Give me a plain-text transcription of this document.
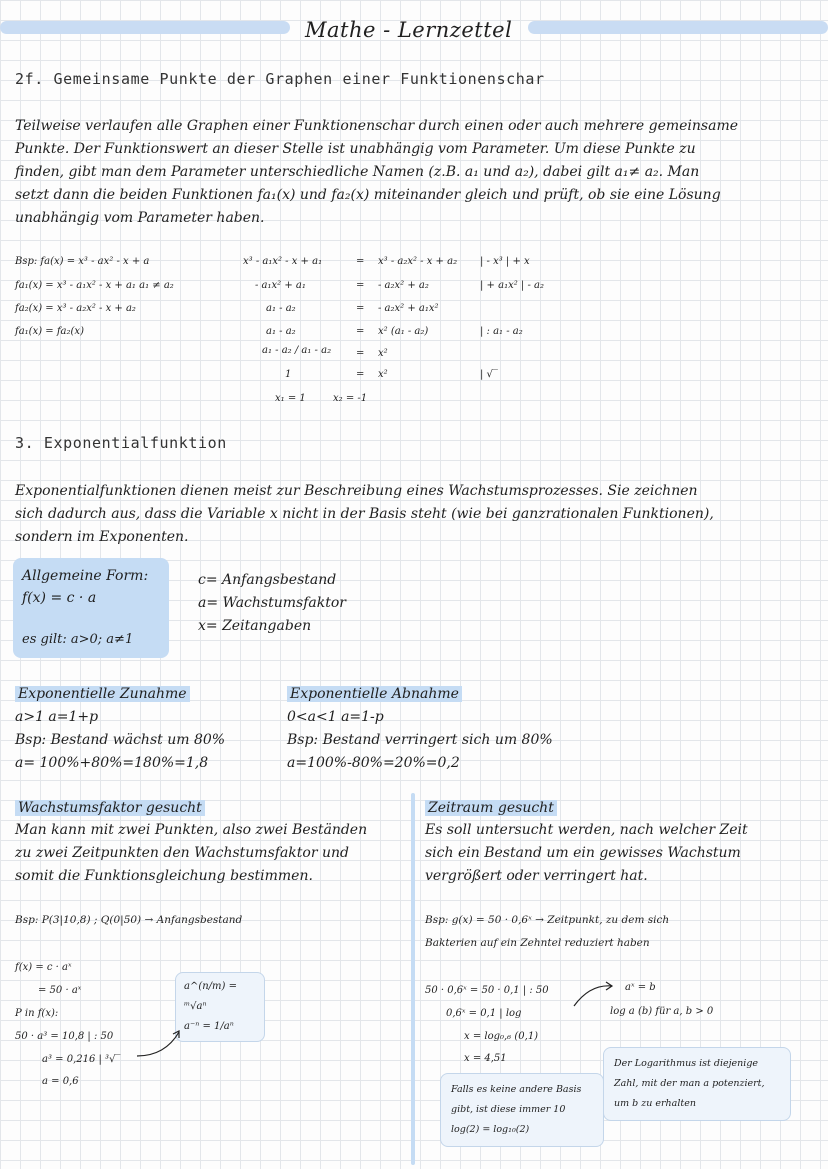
Mathe - Lernzettel
2f. Gemeinsame Punkte der Graphen einer Funktionenschar
Teilweise verlaufen alle Graphen einer Funktionenschar durch einen oder auch mehrere gemeinsame
Punkte. Der Funktionswert an dieser Stelle ist unabhängig vom Parameter. Um diese Punkte zu
finden, gibt man dem Parameter unterschiedliche Namen (z.B. a₁ und a₂), dabei gilt a₁≠ a₂. Man
setzt dann die beiden Funktionen fa₁(x) und fa₂(x) miteinander gleich und prüft, ob sie eine Lösung
unabhängig vom Parameter haben.
Bsp: fa(x) = x³ - ax² - x + a
fa₁(x) = x³ - a₁x² - x + a₁ a₁ ≠ a₂
fa₂(x) = x³ - a₂x² - x + a₂
fa₁(x) = fa₂(x)
x³ - a₁x² - x + a₁
- a₁x² + a₁
a₁ - a₂
a₁ - a₂
a₁ - a₂ / a₁ - a₂
1
=
=
=
=
=
=
x³ - a₂x² - x + a₂
- a₂x² + a₂
- a₂x² + a₁x²
x² (a₁ - a₂)
x²
x²
| - x³ | + x
| + a₁x² | - a₂
| : a₁ - a₂
| √‾
x₁ = 1	x₂ = -1
3. Exponentialfunktion
Exponentialfunktionen dienen meist zur Beschreibung eines Wachstumsprozesses. Sie zeichnen
sich dadurch aus, dass die Variable x nicht in der Basis steht (wie bei ganzrationalen Funktionen),
sondern im Exponenten.
Allgemeine Form:
f(x) = c · a
es gilt: a>0; a≠1
c= Anfangsbestand
a= Wachstumsfaktor
x= Zeitangaben
Exponentielle Zunahme
a>1 a=1+p
Bsp: Bestand wächst um 80%
a= 100%+80%=180%=1,8
Exponentielle Abnahme
0<a<1 a=1-p
Bsp: Bestand verringert sich um 80%
a=100%-80%=20%=0,2
Wachstumsfaktor gesucht
Man kann mit zwei Punkten, also zwei Beständen
zu zwei Zeitpunkten den Wachstumsfaktor und
somit die Funktionsgleichung bestimmen.
Bsp: P(3|10,8) ; Q(0|50) → Anfangsbestand
f(x) = c · aˣ
= 50 · aˣ
P in f(x):
50 · a³ = 10,8 | : 50
a³ = 0,216 | ³√‾
a = 0,6
a^(n/m) = ᵐ√aⁿ
a⁻ⁿ = 1/aⁿ
Zeitraum gesucht
Es soll untersucht werden, nach welcher Zeit
sich ein Bestand um ein gewisses Wachstum
vergrößert oder verringert hat.
Bsp: g(x) = 50 · 0,6ˣ → Zeitpunkt, zu dem sich
Bakterien auf ein Zehntel reduziert haben
50 · 0,6ˣ = 50 · 0,1 | : 50
0,6ˣ = 0,1 | log
x = log₀,₆ (0,1)
x = 4,51
aˣ = b
log a (b) für a, b > 0
Falls es keine andere Basis
gibt, ist diese immer 10
log(2) = log₁₀(2)
Der Logarithmus ist diejenige
Zahl, mit der man a potenziert,
um b zu erhalten
